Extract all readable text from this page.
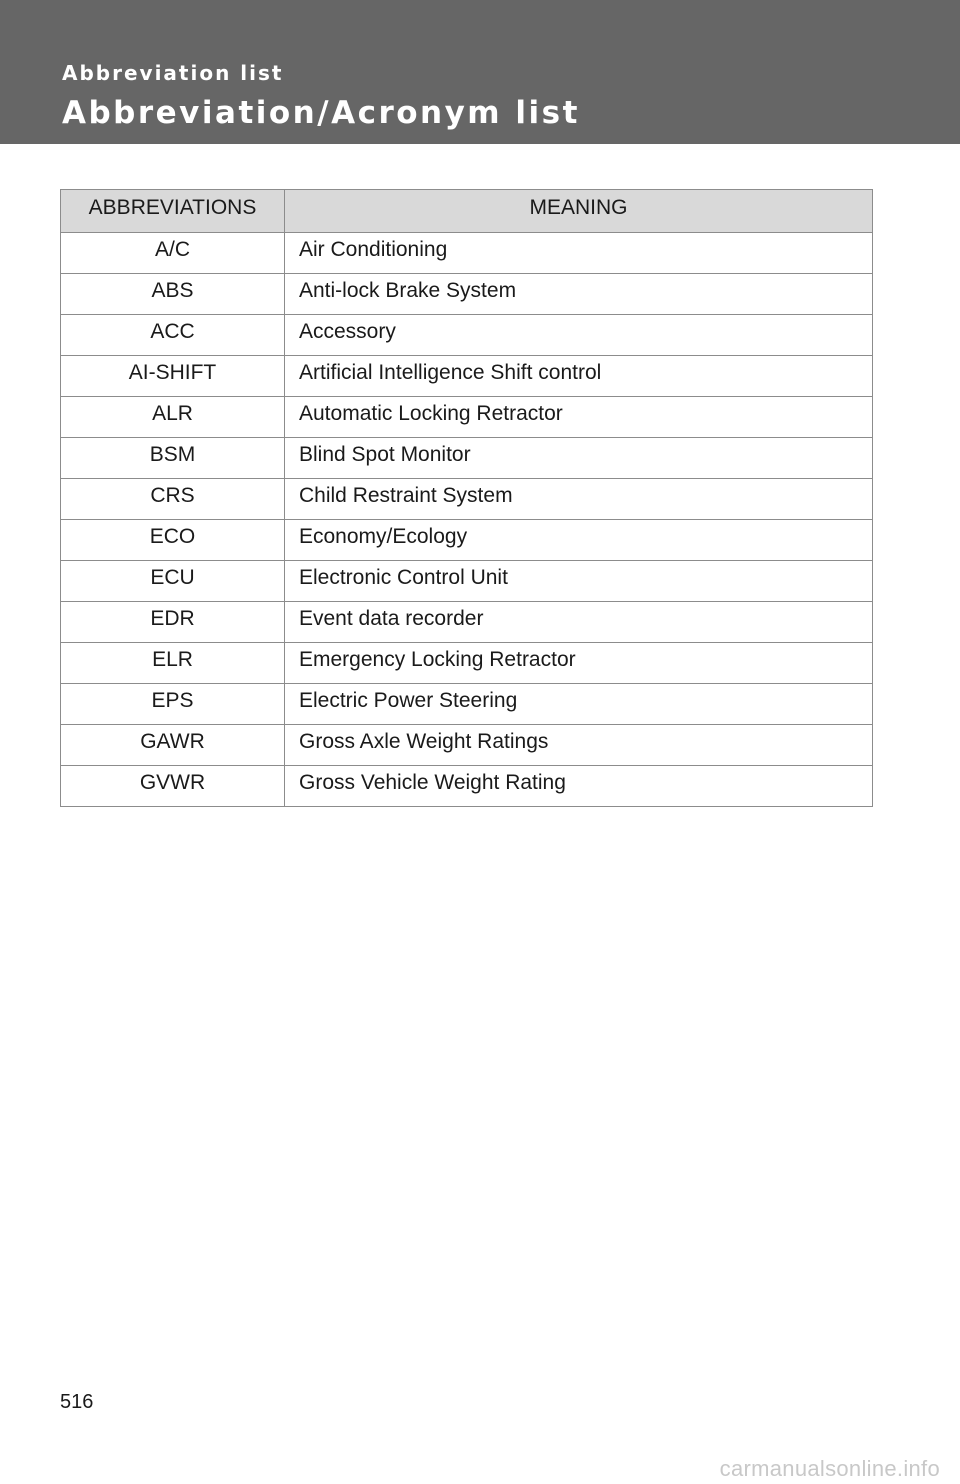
Abbreviation list
Abbreviation/Acronym list
ABBREVIATIONS	MEANING
A/C	Air Conditioning
ABS	Anti-lock Brake System
ACC	Accessory
AI-SHIFT	Artificial Intelligence Shift control
ALR	Automatic Locking Retractor
BSM	Blind Spot Monitor
CRS	Child Restraint System
ECO	Economy/Ecology
ECU	Electronic Control Unit
EDR	Event data recorder
ELR	Emergency Locking Retractor
EPS	Electric Power Steering
GAWR	Gross Axle Weight Ratings
GVWR	Gross Vehicle Weight Rating

516

carmanualsonline.info
